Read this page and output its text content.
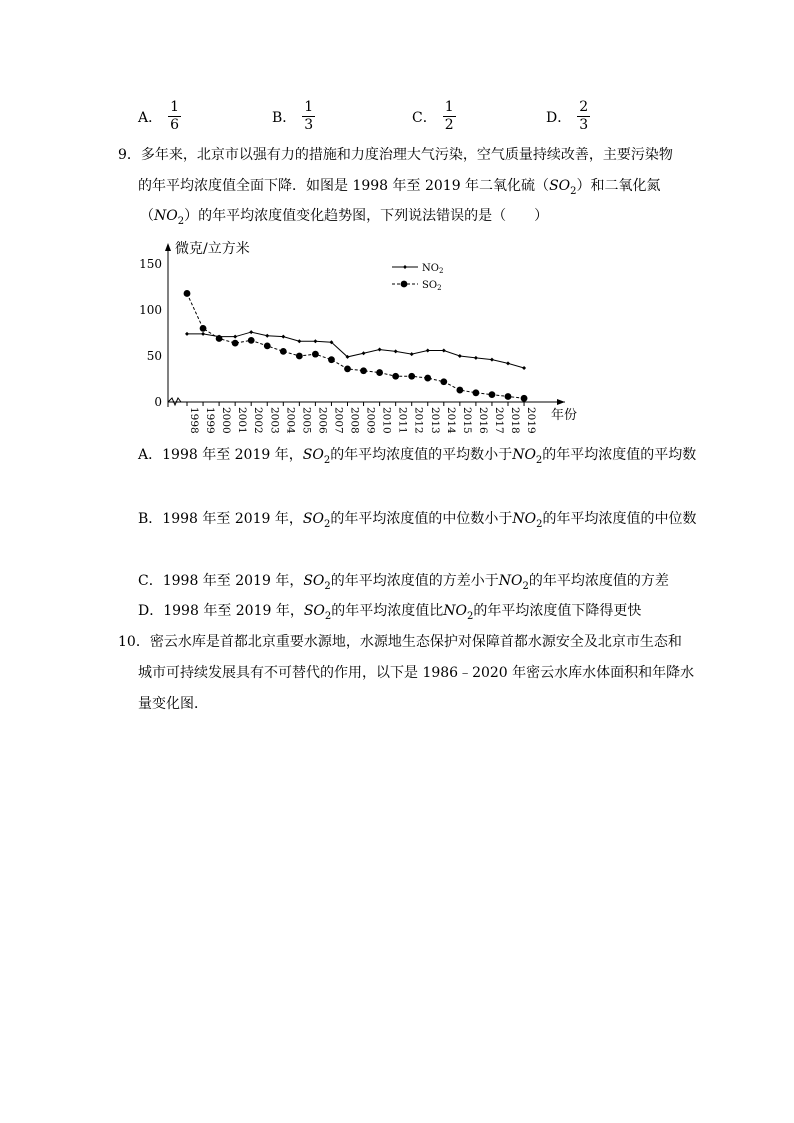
A． $\frac{1}{6}$	B． $\frac{1}{3}$	C． $\frac{1}{2}$	D． $\frac{2}{3}$
9．多年来，北京市以强有力的措施和力度治理大气污染，空气质量持续改善，主要污染物
的年平均浓度值全面下降．如图是 1998 年至 2019 年二氧化硫$(SO_2)$和二氧化氮
$(NO_2)$的年平均浓度值变化趋势图，下列说法错误的是（　　）
0
50
100
150
微克/立方米
年份
1998 1999 2000 2001 2002 2003 2004 2005 2006 2007 2008 2009 2010 2011 2012 2013 2014 2015 2016 2017 2018 2019
$NO_2$
$SO_2$
A．1998 年至 2019 年，$SO_2$的年平均浓度值的平均数小于$NO_2$的年平均浓度值的平均数
B．1998 年至 2019 年，$SO_2$的年平均浓度值的中位数小于$NO_2$的年平均浓度值的中位数
C．1998 年至 2019 年，$SO_2$的年平均浓度值的方差小于$NO_2$的年平均浓度值的方差
D．1998 年至 2019 年，$SO_2$的年平均浓度值比$NO_2$的年平均浓度值下降得更快
10．密云水库是首都北京重要水源地，水源地生态保护对保障首都水源安全及北京市生态和
城市可持续发展具有不可替代的作用，以下是 1986﹣2020 年密云水库水体面积和年降水
量变化图．
